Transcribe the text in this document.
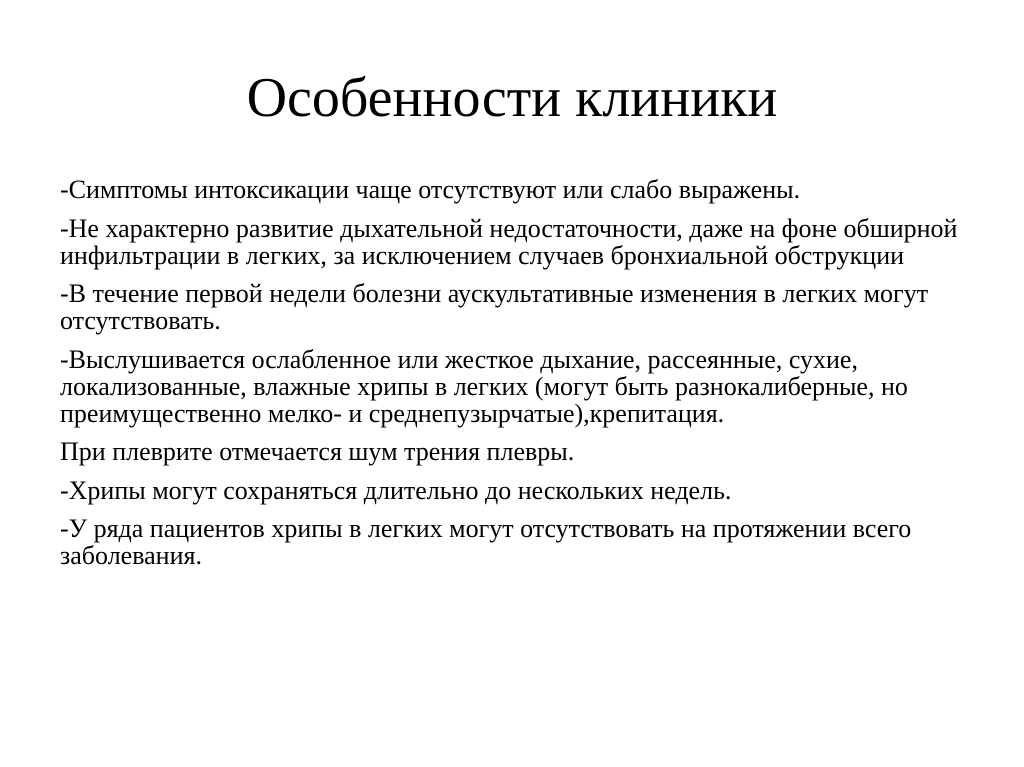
Особенности клиники
-Симптомы интоксикации чаще отсутствуют или слабо выражены.
-Не характерно развитие дыхательной недостаточности, даже на фоне обширной инфильтрации в легких, за исключением случаев бронхиальной обструкции
-В течение первой недели болезни аускультативные изменения в легких могут отсутствовать.
-Выслушивается ослабленное или жесткое дыхание, рассеянные, сухие, локализованные, влажные хрипы в легких (могут быть разнокалиберные, но преимущественно мелко- и среднепузырчатые),крепитация.
При плеврите отмечается шум трения плевры.
-Хрипы могут сохраняться длительно до нескольких недель.
-У ряда пациентов хрипы в легких могут отсутствовать на протяжении всего заболевания.
